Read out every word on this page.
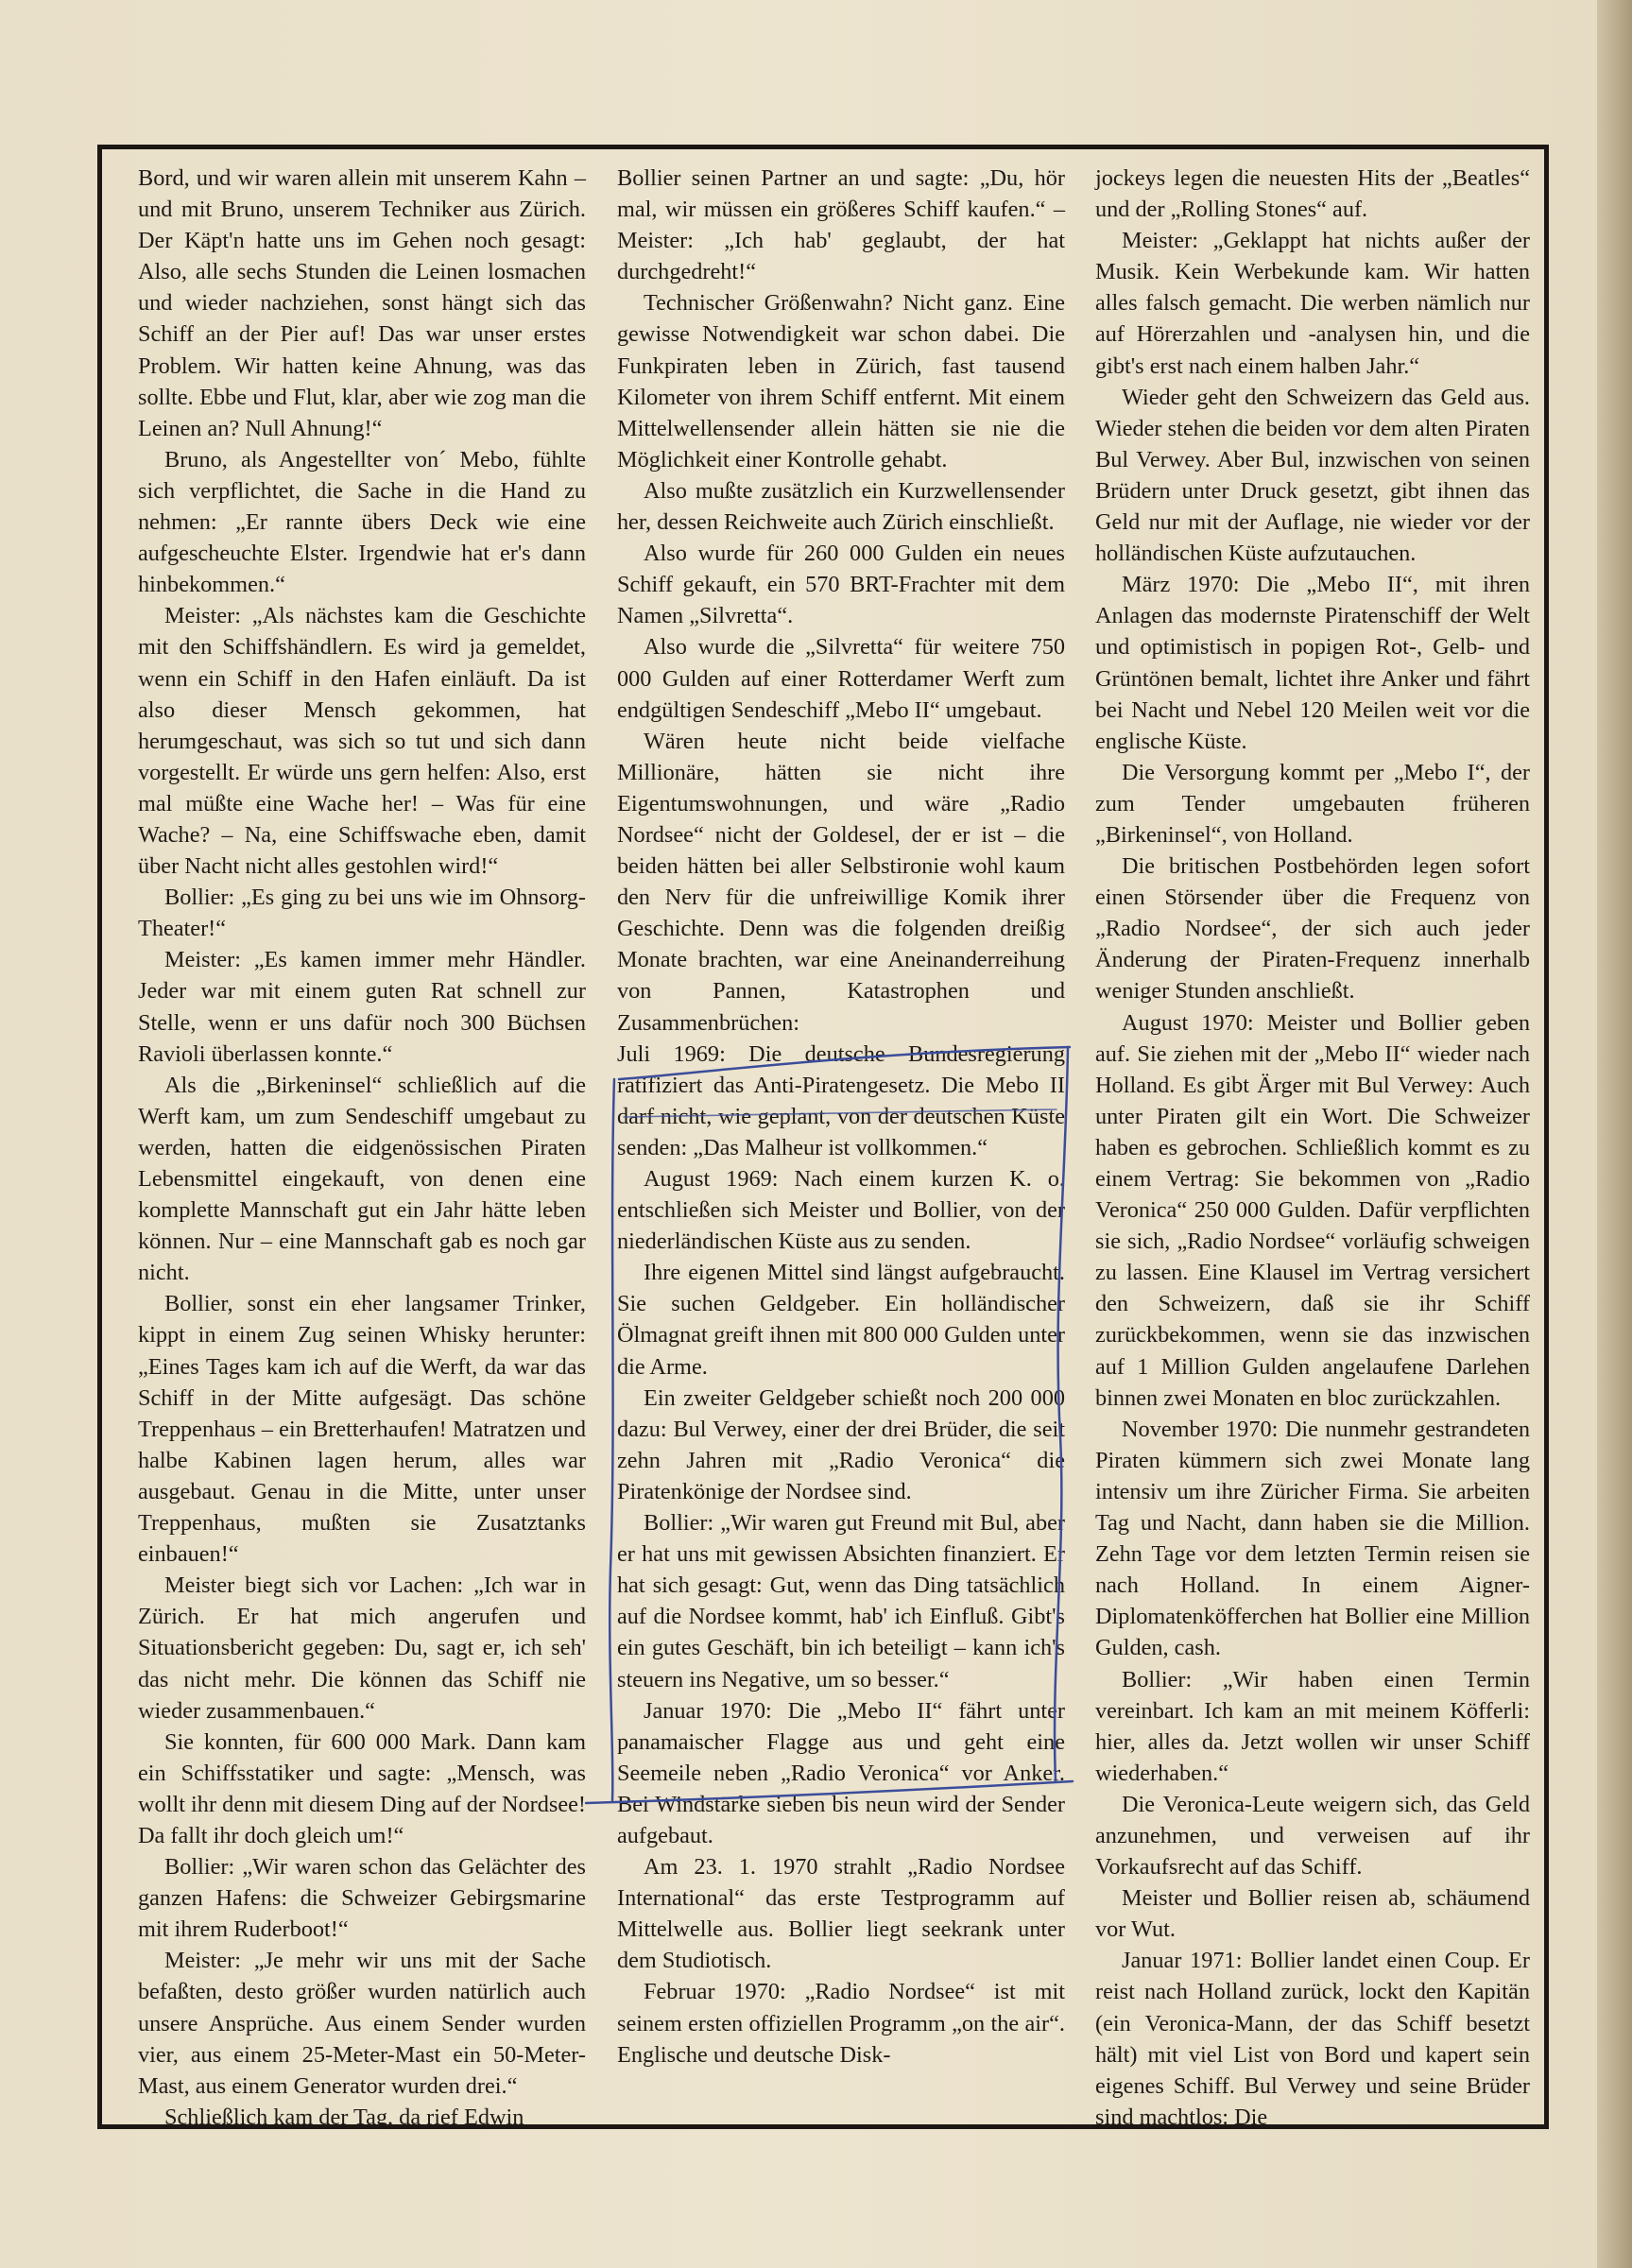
Bord, und wir waren allein mit unserem Kahn – und mit Bruno, unserem Techniker aus Zürich. Der Käpt'n hatte uns im Gehen noch gesagt: Also, alle sechs Stunden die Leinen losmachen und wieder nachziehen, sonst hängt sich das Schiff an der Pier auf! Das war unser erstes Problem. Wir hatten keine Ahnung, was das sollte. Ebbe und Flut, klar, aber wie zog man die Leinen an? Null Ahnung!“

Bruno, als Angestellter von´ Mebo, fühlte sich verpflichtet, die Sache in die Hand zu nehmen: „Er rannte übers Deck wie eine aufgescheuchte Elster. Irgendwie hat er's dann hinbekommen.“

Meister: „Als nächstes kam die Geschichte mit den Schiffshändlern. Es wird ja gemeldet, wenn ein Schiff in den Hafen einläuft. Da ist also dieser Mensch gekommen, hat herumgeschaut, was sich so tut und sich dann vorgestellt. Er würde uns gern helfen: Also, erst mal müßte eine Wache her! – Was für eine Wache? – Na, eine Schiffswache eben, damit über Nacht nicht alles gestohlen wird!“

Bollier: „Es ging zu bei uns wie im Ohnsorg-Theater!“

Meister: „Es kamen immer mehr Händler. Jeder war mit einem guten Rat schnell zur Stelle, wenn er uns dafür noch 300 Büchsen Ravioli überlassen konnte.“

Als die „Birkeninsel“ schließlich auf die Werft kam, um zum Sendeschiff umgebaut zu werden, hatten die eidgenössischen Piraten Lebensmittel eingekauft, von denen eine komplette Mannschaft gut ein Jahr hätte leben können. Nur – eine Mannschaft gab es noch gar nicht.

Bollier, sonst ein eher langsamer Trinker, kippt in einem Zug seinen Whisky herunter: „Eines Tages kam ich auf die Werft, da war das Schiff in der Mitte aufgesägt. Das schöne Treppenhaus – ein Bretterhaufen! Matratzen und halbe Kabinen lagen herum, alles war ausgebaut. Genau in die Mitte, unter unser Treppenhaus, mußten sie Zusatztanks einbauen!“

Meister biegt sich vor Lachen: „Ich war in Zürich. Er hat mich angerufen und Situationsbericht gegeben: Du, sagt er, ich seh' das nicht mehr. Die können das Schiff nie wieder zusammenbauen.“

Sie konnten, für 600 000 Mark. Dann kam ein Schiffsstatiker und sagte: „Mensch, was wollt ihr denn mit diesem Ding auf der Nordsee! Da fallt ihr doch gleich um!“

Bollier: „Wir waren schon das Gelächter des ganzen Hafens: die Schweizer Gebirgsmarine mit ihrem Ruderboot!“

Meister: „Je mehr wir uns mit der Sache befaßten, desto größer wurden natürlich auch unsere Ansprüche. Aus einem Sender wurden vier, aus einem 25-Meter-Mast ein 50-Meter-Mast, aus einem Generator wurden drei.“

Schließlich kam der Tag, da rief Edwin

Bollier seinen Partner an und sagte: „Du, hör mal, wir müssen ein größeres Schiff kaufen.“ – Meister: „Ich hab' geglaubt, der hat durchgedreht!“

Technischer Größenwahn? Nicht ganz. Eine gewisse Notwendigkeit war schon dabei. Die Funkpiraten leben in Zürich, fast tausend Kilometer von ihrem Schiff entfernt. Mit einem Mittelwellensender allein hätten sie nie die Möglichkeit einer Kontrolle gehabt.

Also mußte zusätzlich ein Kurzwellensender her, dessen Reichweite auch Zürich einschließt.

Also wurde für 260 000 Gulden ein neues Schiff gekauft, ein 570 BRT-Frachter mit dem Namen „Silvretta“.

Also wurde die „Silvretta“ für weitere 750 000 Gulden auf einer Rotterdamer Werft zum endgültigen Sendeschiff „Mebo II“ umgebaut.

Wären heute nicht beide vielfache Millionäre, hätten sie nicht ihre Eigentumswohnungen, und wäre „Radio Nordsee“ nicht der Goldesel, der er ist – die beiden hätten bei aller Selbstironie wohl kaum den Nerv für die unfreiwillige Komik ihrer Geschichte. Denn was die folgenden dreißig Monate brachten, war eine Aneinanderreihung von Pannen, Katastrophen und Zusammenbrüchen:

Juli 1969: Die deutsche Bundesregierung ratifiziert das Anti-Piratengesetz. Die Mebo II darf nicht, wie geplant, von der deutschen Küste senden: „Das Malheur ist vollkommen.“

August 1969: Nach einem kurzen K. o. entschließen sich Meister und Bollier, von der niederländischen Küste aus zu senden.

Ihre eigenen Mittel sind längst aufgebraucht. Sie suchen Geldgeber. Ein holländischer Ölmagnat greift ihnen mit 800 000 Gulden unter die Arme.

Ein zweiter Geldgeber schießt noch 200 000 dazu: Bul Verwey, einer der drei Brüder, die seit zehn Jahren mit „Radio Veronica“ die Piratenkönige der Nordsee sind.

Bollier: „Wir waren gut Freund mit Bul, aber er hat uns mit gewissen Absichten finanziert. Er hat sich gesagt: Gut, wenn das Ding tatsächlich auf die Nordsee kommt, hab' ich Einfluß. Gibt's ein gutes Geschäft, bin ich beteiligt – kann ich's steuern ins Negative, um so besser.“

Januar 1970: Die „Mebo II“ fährt unter panamaischer Flagge aus und geht eine Seemeile neben „Radio Veronica“ vor Anker. Bei Windstärke sieben bis neun wird der Sender aufgebaut.

Am 23. 1. 1970 strahlt „Radio Nordsee International“ das erste Testprogramm auf Mittelwelle aus. Bollier liegt seekrank unter dem Studiotisch.

Februar 1970: „Radio Nordsee“ ist mit seinem ersten offiziellen Programm „on the air“. Englische und deutsche Disk-

jockeys legen die neuesten Hits der „Beatles“ und der „Rolling Stones“ auf.

Meister: „Geklappt hat nichts außer der Musik. Kein Werbekunde kam. Wir hatten alles falsch gemacht. Die werben nämlich nur auf Hörerzahlen und -analysen hin, und die gibt's erst nach einem halben Jahr.“

Wieder geht den Schweizern das Geld aus. Wieder stehen die beiden vor dem alten Piraten Bul Verwey. Aber Bul, inzwischen von seinen Brüdern unter Druck gesetzt, gibt ihnen das Geld nur mit der Auflage, nie wieder vor der holländischen Küste aufzutauchen.

März 1970: Die „Mebo II“, mit ihren Anlagen das modernste Piratenschiff der Welt und optimistisch in popigen Rot-, Gelb- und Grüntönen bemalt, lichtet ihre Anker und fährt bei Nacht und Nebel 120 Meilen weit vor die englische Küste.

Die Versorgung kommt per „Mebo I“, der zum Tender umgebauten früheren „Birkeninsel“, von Holland.

Die britischen Postbehörden legen sofort einen Störsender über die Frequenz von „Radio Nordsee“, der sich auch jeder Änderung der Piraten-Frequenz innerhalb weniger Stunden anschließt.

August 1970: Meister und Bollier geben auf. Sie ziehen mit der „Mebo II“ wieder nach Holland. Es gibt Ärger mit Bul Verwey: Auch unter Piraten gilt ein Wort. Die Schweizer haben es gebrochen. Schließlich kommt es zu einem Vertrag: Sie bekommen von „Radio Veronica“ 250 000 Gulden. Dafür verpflichten sie sich, „Radio Nordsee“ vorläufig schweigen zu lassen. Eine Klausel im Vertrag versichert den Schweizern, daß sie ihr Schiff zurückbekommen, wenn sie das inzwischen auf 1 Million Gulden angelaufene Darlehen binnen zwei Monaten en bloc zurückzahlen.

November 1970: Die nunmehr gestrandeten Piraten kümmern sich zwei Monate lang intensiv um ihre Züricher Firma. Sie arbeiten Tag und Nacht, dann haben sie die Million. Zehn Tage vor dem letzten Termin reisen sie nach Holland. In einem Aigner-Diplomatenköfferchen hat Bollier eine Million Gulden, cash.

Bollier: „Wir haben einen Termin vereinbart. Ich kam an mit meinem Köfferli: hier, alles da. Jetzt wollen wir unser Schiff wiederhaben.“

Die Veronica-Leute weigern sich, das Geld anzunehmen, und verweisen auf ihr Vorkaufsrecht auf das Schiff.

Meister und Bollier reisen ab, schäumend vor Wut.

Januar 1971: Bollier landet einen Coup. Er reist nach Holland zurück, lockt den Kapitän (ein Veronica-Mann, der das Schiff besetzt hält) mit viel List von Bord und kapert sein eigenes Schiff. Bul Verwey und seine Brüder sind machtlos: Die
